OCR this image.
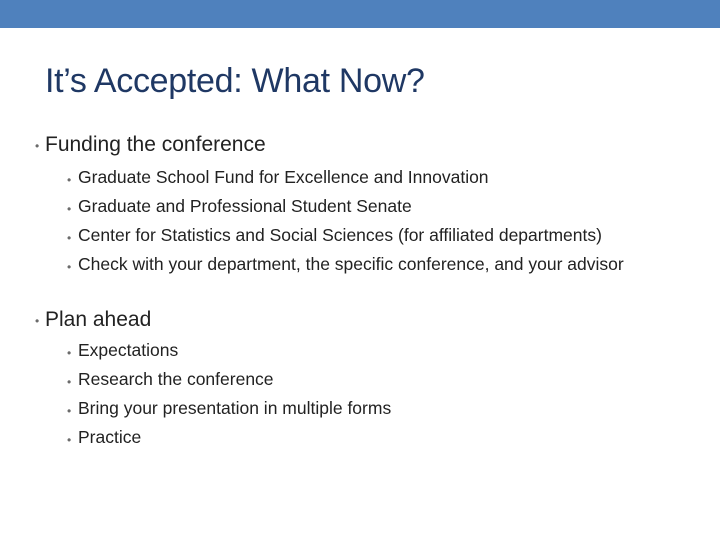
It’s Accepted: What Now?
• Funding the conference
• Graduate School Fund for Excellence and Innovation
• Graduate and Professional Student Senate
• Center for Statistics and Social Sciences (for affiliated departments)
• Check with your department, the specific conference, and your advisor
• Plan ahead
• Expectations
• Research the conference
• Bring your presentation in multiple forms
• Practice
